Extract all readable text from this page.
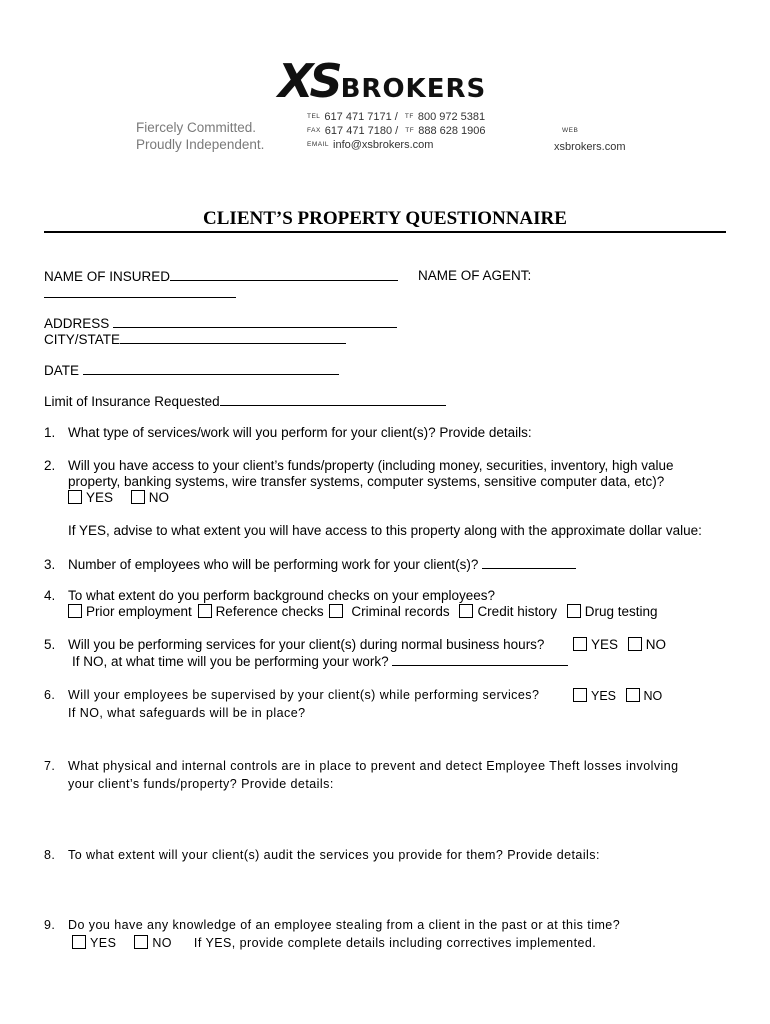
XSBROKERS
Fiercely Committed.
Proudly Independent.
TEL 617 471 7171 / TF 800 972 5381
FAX 617 471 7180 / TF 888 628 1906
EMAIL info@xsbrokers.com
WEB
xsbrokers.com
CLIENT’S PROPERTY QUESTIONNAIRE
NAME OF INSURED	NAME OF AGENT:
ADDRESS
CITY/STATE
DATE
Limit of Insurance Requested
1. What type of services/work will you perform for your client(s)? Provide details:
2. Will you have access to your client’s funds/property (including money, securities, inventory, high value
property, banking systems, wire transfer systems, computer systems, sensitive computer data, etc)?
YES	NO
If YES, advise to what extent you will have access to this property along with the approximate dollar value:
3. Number of employees who will be performing work for your client(s)?
4. To what extent do you perform background checks on your employees?
Prior employment Reference checks Criminal records Credit history Drug testing
5. Will you be performing services for your client(s) during normal business hours?	YES NO
If NO, at what time will you be performing your work?
6. Will your employees be supervised by your client(s) while performing services?	YES NO
If NO, what safeguards will be in place?
7. What physical and internal controls are in place to prevent and detect Employee Theft losses involving
your client’s funds/property? Provide details:
8. To what extent will your client(s) audit the services you provide for them? Provide details:
9. Do you have any knowledge of an employee stealing from a client in the past or at this time?
YES	NO If YES, provide complete details including correctives implemented.
